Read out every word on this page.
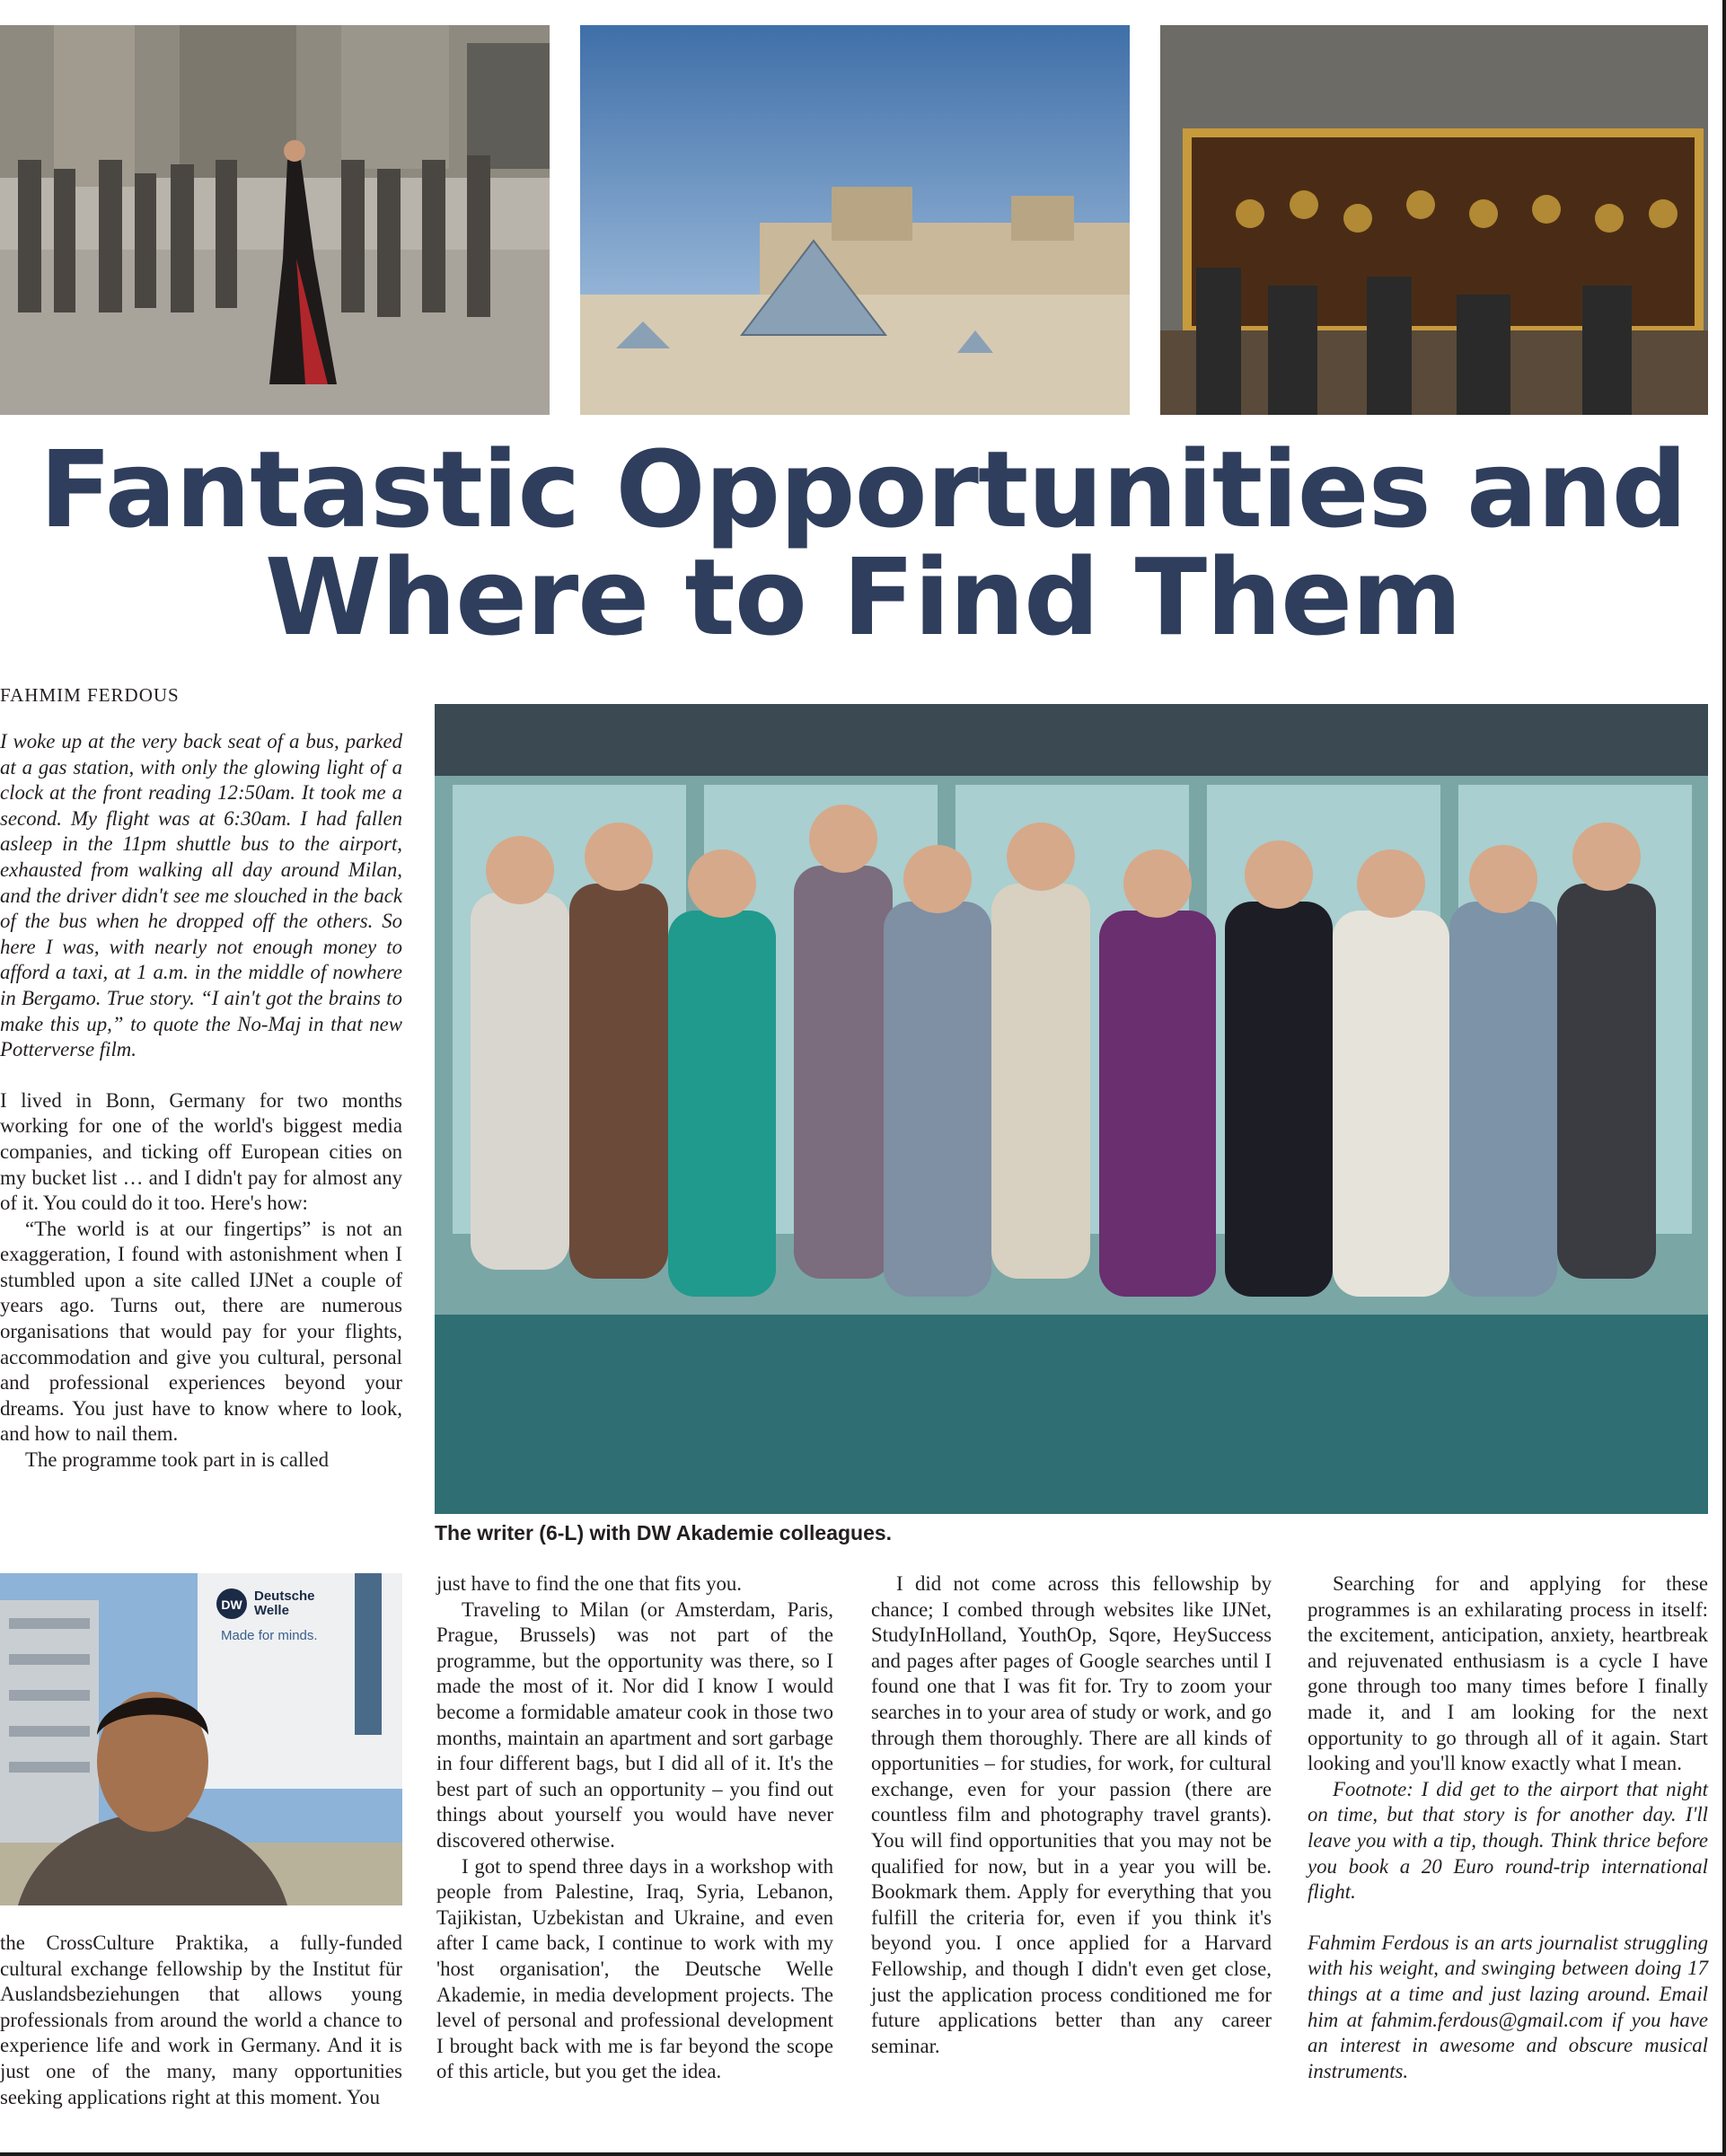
Fantastic Opportunities and
Where to Find Them
FAHMIM FERDOUS

I woke up at the very back seat of a bus, parked at a gas station, with only the glowing light of a clock at the front reading 12:50am. It took me a second. My flight was at 6:30am. I had fallen asleep in the 11pm shuttle bus to the airport, exhausted from walking all day around Milan, and the driver didn't see me slouched in the back of the bus when he dropped off the others. So here I was, with nearly not enough money to afford a taxi, at 1 a.m. in the middle of nowhere in Bergamo. True story. “I ain't got the brains to make this up,” to quote the No-Maj in that new Potterverse film.

I lived in Bonn, Germany for two months working for one of the world's biggest media companies, and ticking off European cities on my bucket list … and I didn't pay for almost any of it. You could do it too. Here's how:

“The world is at our fingertips” is not an exaggeration, I found with astonishment when I stumbled upon a site called IJNet a couple of years ago. Turns out, there are numerous organisations that would pay for your flights, accommodation and give you cultural, personal and professional experiences beyond your dreams. You just have to know where to look, and how to nail them.

The programme took part in is called

The writer (6-L) with DW Akademie colleagues.
DW
Deutsche
Welle
Made for minds.

the CrossCulture Praktika, a fully-funded cultural exchange fellowship by the Institut für Auslandsbeziehungen that allows young professionals from around the world a chance to experience life and work in Germany. And it is just one of the many, many opportunities seeking applications right at this moment. You

just have to find the one that fits you.

Traveling to Milan (or Amsterdam, Paris, Prague, Brussels) was not part of the programme, but the opportunity was there, so I made the most of it. Nor did I know I would become a formidable amateur cook in those two months, maintain an apartment and sort garbage in four different bags, but I did all of it. It's the best part of such an opportunity – you find out things about yourself you would have never discovered otherwise.

I got to spend three days in a workshop with people from Palestine, Iraq, Syria, Lebanon, Tajikistan, Uzbekistan and Ukraine, and even after I came back, I continue to work with my 'host organisation', the Deutsche Welle Akademie, in media development projects. The level of personal and professional development I brought back with me is far beyond the scope of this article, but you get the idea.

I did not come across this fellowship by chance; I combed through websites like IJNet, StudyInHolland, YouthOp, Sqore, HeySuccess and pages after pages of Google searches until I found one that I was fit for. Try to zoom your searches in to your area of study or work, and go through them thoroughly. There are all kinds of opportunities – for studies, for work, for cultural exchange, even for your passion (there are countless film and photography travel grants). You will find opportunities that you may not be qualified for now, but in a year you will be. Bookmark them. Apply for everything that you fulfill the criteria for, even if you think it's beyond you. I once applied for a Harvard Fellowship, and though I didn't even get close, just the application process conditioned me for future applications better than any career seminar.

Searching for and applying for these programmes is an exhilarating process in itself: the excitement, anticipation, anxiety, heartbreak and rejuvenated enthusiasm is a cycle I have gone through too many times before I finally made it, and I am looking for the next opportunity to go through all of it again. Start looking and you'll know exactly what I mean.

Footnote: I did get to the airport that night on time, but that story is for another day. I'll leave you with a tip, though. Think thrice before you book a 20 Euro round-trip international flight.

Fahmim Ferdous is an arts journalist struggling with his weight, and swinging between doing 17 things at a time and just lazing around. Email him at fahmim.ferdous@gmail.com if you have an interest in awesome and obscure musical instruments.
